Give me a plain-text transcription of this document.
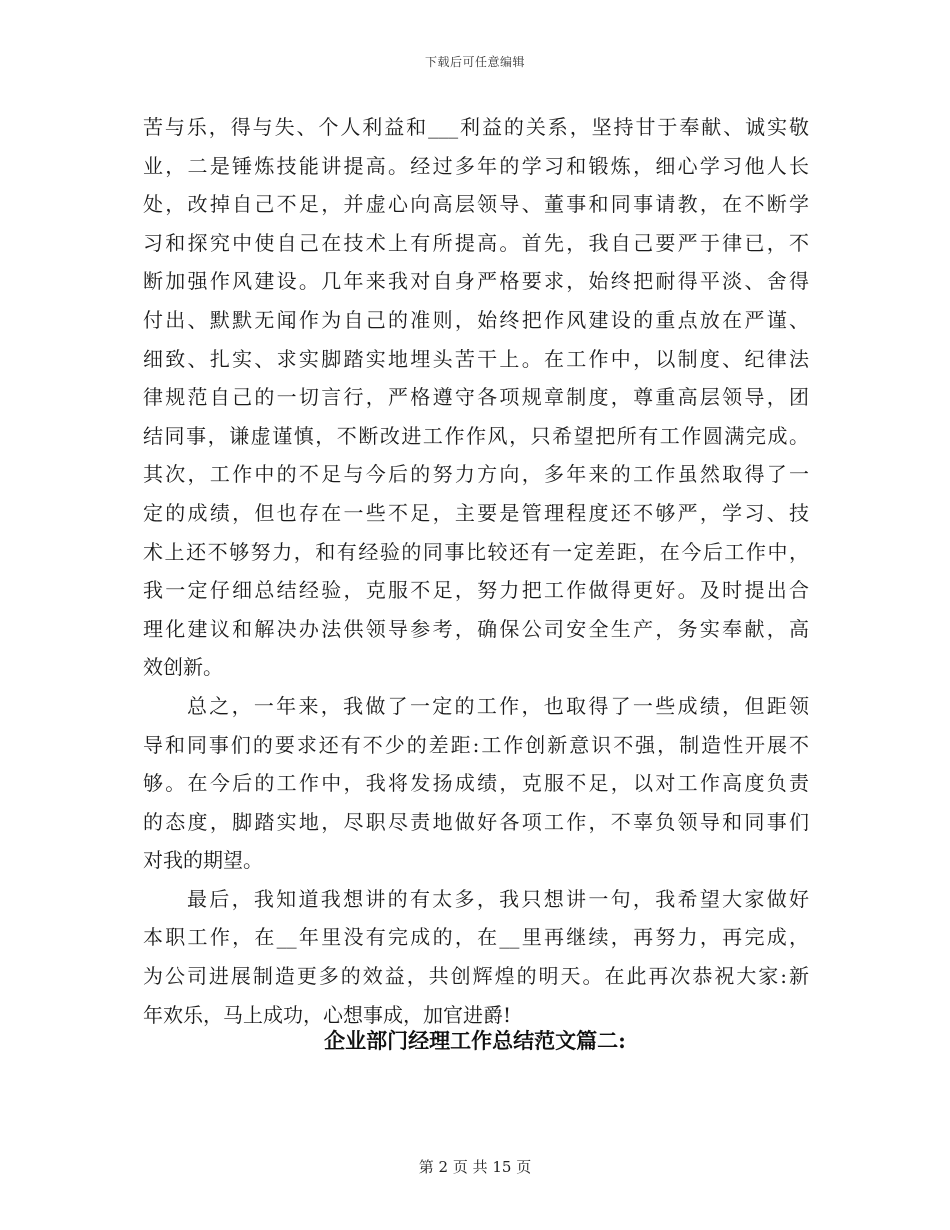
下载后可任意编辑
苦与乐，得与失、个人利益和___利益的关系，坚持甘于奉献、诚实敬
业，二是锤炼技能讲提高。经过多年的学习和锻炼，细心学习他人长
处，改掉自己不足，并虚心向高层领导、董事和同事请教，在不断学
习和探究中使自己在技术上有所提高。首先，我自己要严于律已，不
断加强作风建设。几年来我对自身严格要求，始终把耐得平淡、舍得
付出、默默无闻作为自己的准则，始终把作风建设的重点放在严谨、
细致、扎实、求实脚踏实地埋头苦干上。在工作中，以制度、纪律法
律规范自己的一切言行，严格遵守各项规章制度，尊重高层领导，团
结同事，谦虚谨慎，不断改进工作作风，只希望把所有工作圆满完成。
其次，工作中的不足与今后的努力方向，多年来的工作虽然取得了一
定的成绩，但也存在一些不足，主要是管理程度还不够严，学习、技
术上还不够努力，和有经验的同事比较还有一定差距，在今后工作中，
我一定仔细总结经验，克服不足，努力把工作做得更好。及时提出合
理化建议和解决办法供领导参考，确保公司安全生产，务实奉献，高
效创新。
总之，一年来，我做了一定的工作，也取得了一些成绩，但距领
导和同事们的要求还有不少的差距:工作创新意识不强，制造性开展不
够。在今后的工作中，我将发扬成绩，克服不足，以对工作高度负责
的态度，脚踏实地，尽职尽责地做好各项工作，不辜负领导和同事们
对我的期望。
最后，我知道我想讲的有太多，我只想讲一句，我希望大家做好
本职工作，在__年里没有完成的，在__里再继续，再努力，再完成，
为公司进展制造更多的效益，共创辉煌的明天。在此再次恭祝大家:新
年欢乐，马上成功，心想事成，加官进爵!
企业部门经理工作总结范文篇二:
第 2 页 共 15 页
